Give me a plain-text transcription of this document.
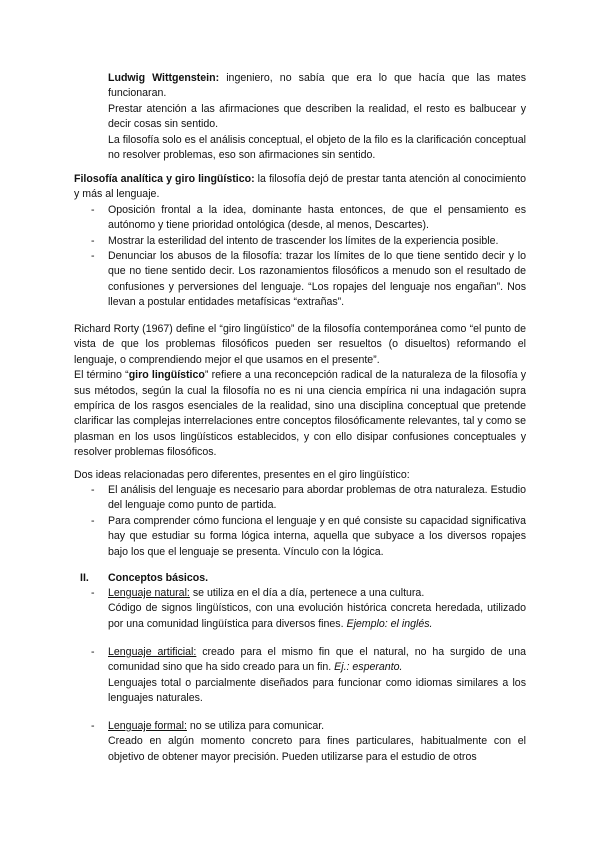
Ludwig Wittgenstein: ingeniero, no sabía que era lo que hacía que las mates funcionaran.

Prestar atención a las afirmaciones que describen la realidad, el resto es balbucear y decir cosas sin sentido.

La filosofía solo es el análisis conceptual, el objeto de la filo es la clarificación conceptual no resolver problemas, eso son afirmaciones sin sentido.

Filosofía analítica y giro lingüístico: la filosofía dejó de prestar tanta atención al conocimiento y más al lenguaje.

-	Oposición frontal a la idea, dominante hasta entonces, de que el pensamiento es autónomo y tiene prioridad ontológica (desde, al menos, Descartes).

-	Mostrar la esterilidad del intento de trascender los límites de la experiencia posible.

-	Denunciar los abusos de la filosofía: trazar los límites de lo que tiene sentido decir y lo que no tiene sentido decir. Los razonamientos filosóficos a menudo son el resultado de confusiones y perversiones del lenguaje. “Los ropajes del lenguaje nos engañan”. Nos llevan a postular entidades metafísicas “extrañas”.

Richard Rorty (1967) define el “giro lingüístico” de la filosofía contemporánea como “el punto de vista de que los problemas filosóficos pueden ser resueltos (o disueltos) reformando el lenguaje, o comprendiendo mejor el que usamos en el presente”.

El término “giro lingüístico” refiere a una reconcepción radical de la naturaleza de la filosofía y sus métodos, según la cual la filosofía no es ni una ciencia empírica ni una indagación supra empírica de los rasgos esenciales de la realidad, sino una disciplina conceptual que pretende clarificar las complejas interrelaciones entre conceptos filosóficamente relevantes, tal y como se plasman en los usos lingüísticos establecidos, y con ello disipar confusiones conceptuales y resolver problemas filosóficos.

Dos ideas relacionadas pero diferentes, presentes en el giro lingüístico:

-	El análisis del lenguaje es necesario para abordar problemas de otra naturaleza. Estudio del lenguaje como punto de partida.

-	Para comprender cómo funciona el lenguaje y en qué consiste su capacidad significativa hay que estudiar su forma lógica interna, aquella que subyace a los diversos ropajes bajo los que el lenguaje se presenta. Vínculo con la lógica.

II. Conceptos básicos.

-	Lenguaje natural: se utiliza en el día a día, pertenece a una cultura.

Código de signos lingüísticos, con una evolución histórica concreta heredada, utilizado por una comunidad lingüística para diversos fines. Ejemplo: el inglés.

-	Lenguaje artificial: creado para el mismo fin que el natural, no ha surgido de una comunidad sino que ha sido creado para un fin. Ej.: esperanto.

Lenguajes total o parcialmente diseñados para funcionar como idiomas similares a los lenguajes naturales.

-	Lenguaje formal: no se utiliza para comunicar.

Creado en algún momento concreto para fines particulares, habitualmente con el objetivo de obtener mayor precisión. Pueden utilizarse para el estudio de otros
